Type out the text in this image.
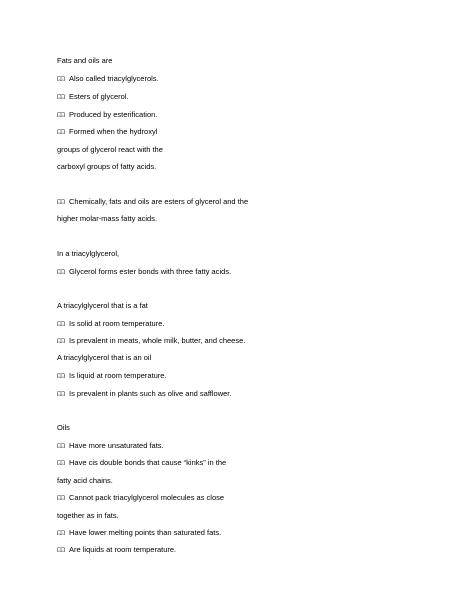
Fats and oils are
Also called triacylglycerols.
Esters of glycerol.
Produced by esterification.
Formed when the hydroxyl
groups of glycerol react with the
carboxyl groups of fatty acids.
Chemically, fats and oils are esters of glycerol and the
higher molar-mass fatty acids.
In a triacylglycerol,
Glycerol forms ester bonds with three fatty acids.
A triacylglycerol that is a fat
Is solid at room temperature.
Is prevalent in meats, whole milk, butter, and cheese.
A triacylglycerol that is an oil
Is liquid at room temperature.
Is prevalent in plants such as olive and safflower.
Oils
Have more unsaturated fats.
Have cis double bonds that cause “kinks” in the
fatty acid chains.
Cannot pack triacylglycerol molecules as close
together as in fats.
Have lower melting points than saturated fats.
Are liquids at room temperature.
